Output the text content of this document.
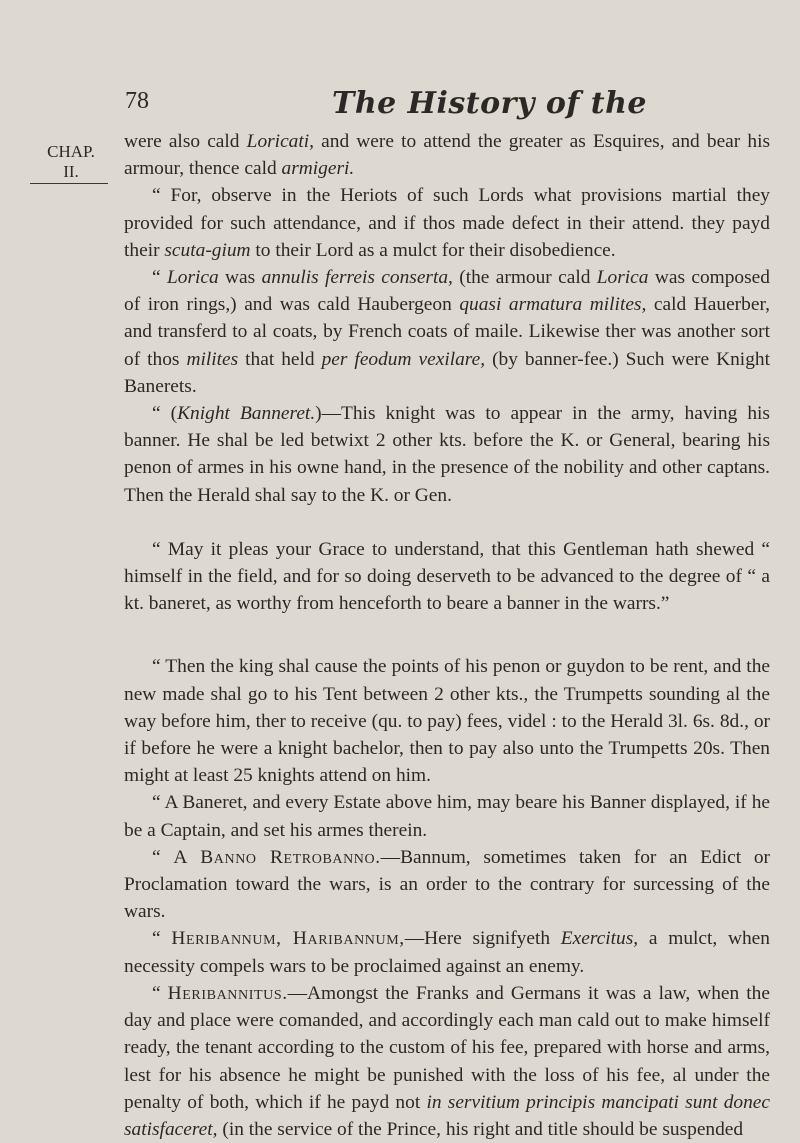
78	The History of the
CHAP.
II.

were also cald Loricati, and were to attend the greater as Esquires, and bear his armour, thence cald armigeri.

“ For, observe in the Heriots of such Lords what provisions martial they provided for such attendance, and if thos made defect in their attend. they payd their scuta-gium to their Lord as a mulct for their disobedience.

“ Lorica was annulis ferreis conserta, (the armour cald Lorica was composed of iron rings,) and was cald Haubergeon quasi armatura milites, cald Hauerber, and transferd to al coats, by French coats of maile. Likewise ther was another sort of thos milites that held per feodum vexilare, (by banner-fee.) Such were Knight Banerets.

“ (Knight Banneret.)—This knight was to appear in the army, having his banner. He shal be led betwixt 2 other kts. before the K. or General, bearing his penon of armes in his owne hand, in the presence of the nobility and other captans. Then the Herald shal say to the K. or Gen.

“ May it pleas your Grace to understand, that this Gentleman hath shewed “ himself in the field, and for so doing deserveth to be advanced to the degree of “ a kt. baneret, as worthy from henceforth to beare a banner in the warrs.”

“ Then the king shal cause the points of his penon or guydon to be rent, and the new made shal go to his Tent between 2 other kts., the Trumpetts sounding al the way before him, ther to receive (qu. to pay) fees, videl : to the Herald 3l. 6s. 8d., or if before he were a knight bachelor, then to pay also unto the Trumpetts 20s. Then might at least 25 knights attend on him.

“ A Baneret, and every Estate above him, may beare his Banner displayed, if he be a Captain, and set his armes therein.

“ A Banno Retrobanno.—Bannum, sometimes taken for an Edict or Proclamation toward the wars, is an order to the contrary for surcessing of the wars.

“ Heribannum, Haribannum,—Here signifyeth Exercitus, a mulct, when necessity compels wars to be proclaimed against an enemy.

“ Heribannitus.—Amongst the Franks and Germans it was a law, when the day and place were comanded, and accordingly each man cald out to make himself ready, the tenant according to the custom of his fee, prepared with horse and arms, lest for his absence he might be punished with the loss of his fee, al under the penalty of both, which if he payd not in servitium principis mancipati sunt donec satisfaceret, (in the service of the Prince, his right and title should be suspended
